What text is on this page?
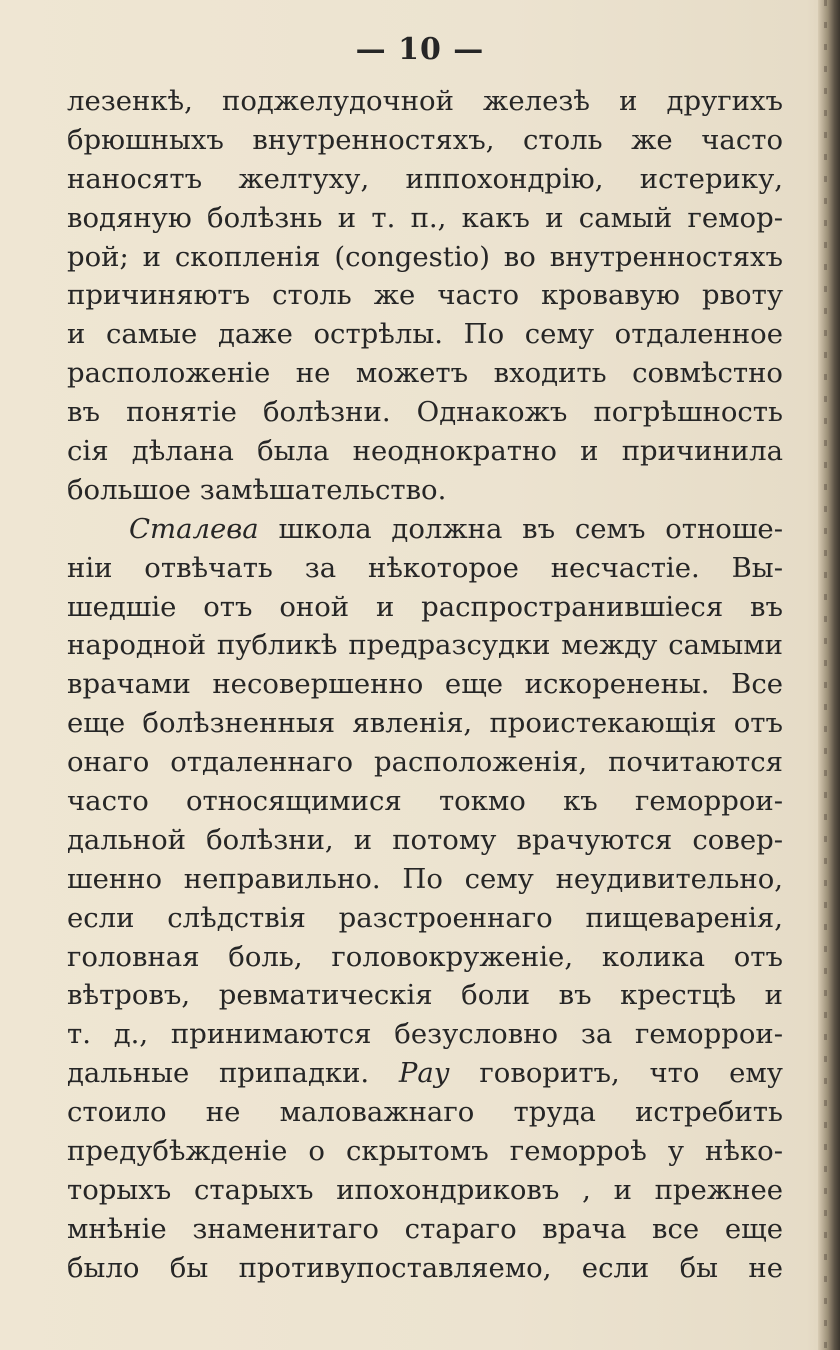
— 10 —
лезенкѣ, поджелудочной железѣ и другихъ
брюшныхъ внутренностяхъ, столь же часто
наносятъ желтуху, иппохондрію, истерику,
водяную болѣзнь и т. п., какъ и самый гемор-
рой; и скопленія (congestio) во внутренностяхъ
причиняютъ столь же часто кровавую рвоту
и самые даже острѣлы. По сему отдаленное
расположеніе не можетъ входить совмѣстно
въ понятіе болѣзни. Однакожъ погрѣшность
сія дѣлана была неоднократно и причинила
большое замѣшательство.
Сталева школа должна въ семъ отноше-
ніи отвѣчать за нѣкоторое несчастіе. Вы-
шедшіе отъ оной и распространившіеся въ
народной публикѣ предразсудки между самыми
врачами несовершенно еще искоренены. Все
еще болѣзненныя явленія, проистекающія отъ
онаго отдаленнаго расположенія, почитаются
часто относящимися токмо къ геморрои-
дальной болѣзни, и потому врачуются совер-
шенно неправильно. По сему неудивительно,
если слѣдствія разстроеннаго пищеваренія,
головная боль, головокруженіе, колика отъ
вѣтровъ, ревматическія боли въ крестцѣ и
т. д., принимаются безусловно за геморрои-
дальные припадки. Рау говоритъ, что ему
стоило не маловажнаго труда истребить
предубѣжденіе о скрытомъ геморроѣ у нѣко-
торыхъ старыхъ ипохондриковъ , и прежнее
мнѣніе знаменитаго стараго врача все еще
было бы противупоставляемо, если бы не
